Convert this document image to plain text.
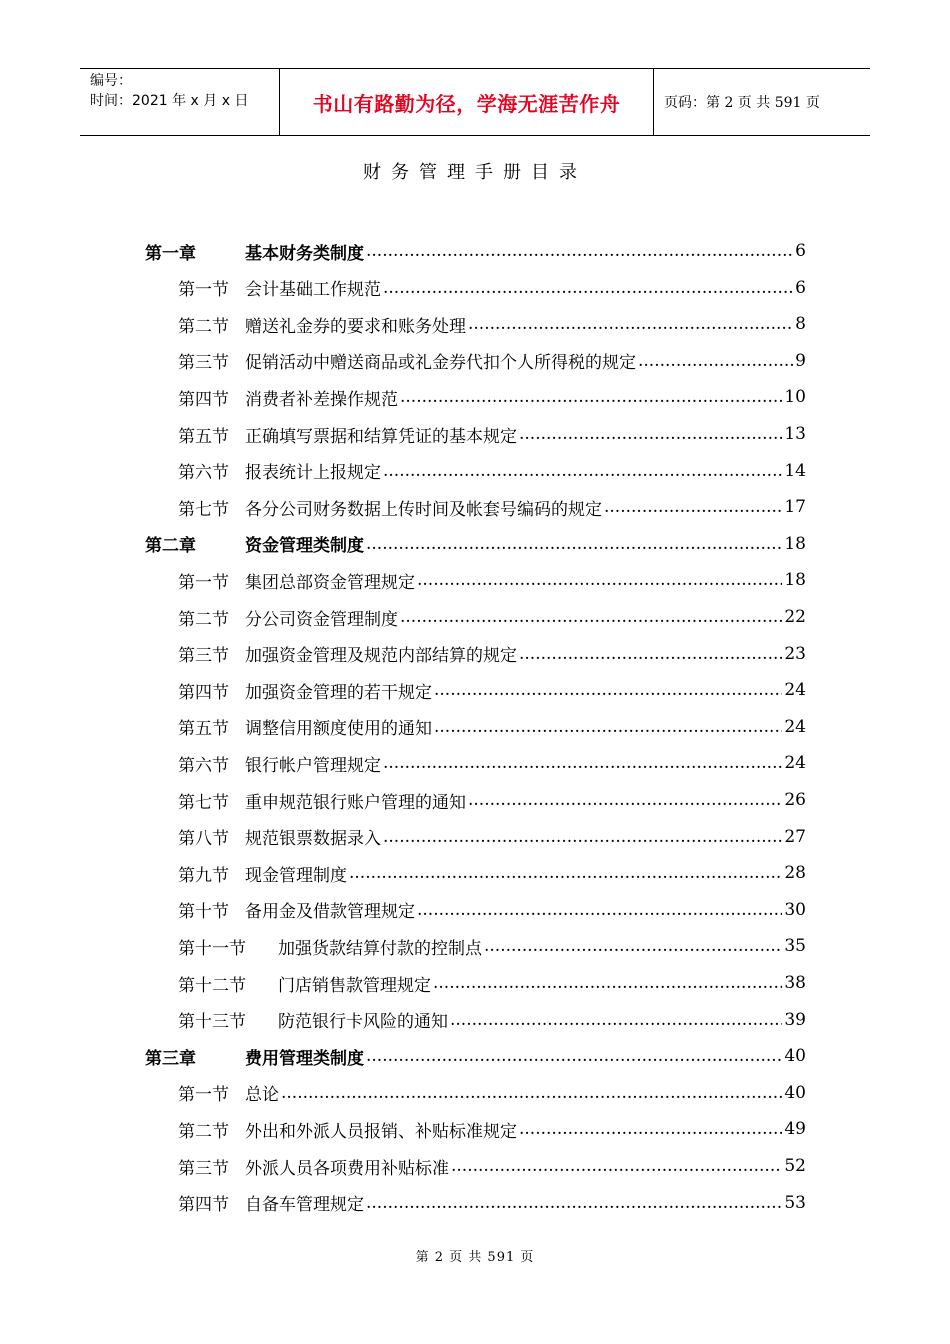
编号：
时间：2021 年 x 月 x 日	书山有路勤为径，学海无涯苦作舟	页码：第 2 页 共 591 页
财务管理手册目录
第一章	基本财务类制度 .....	6
第一节 会计基础工作规范 .....	6
第二节 赠送礼金券的要求和账务处理 .....	8
第三节 促销活动中赠送商品或礼金券代扣个人所得税的规定 .....	9
第四节 消费者补差操作规范 .....	10
第五节 正确填写票据和结算凭证的基本规定 .....	13
第六节 报表统计上报规定 .....	14
第七节 各分公司财务数据上传时间及帐套号编码的规定 .....	17
第二章	资金管理类制度 .....	18
第一节 集团总部资金管理规定 .....	18
第二节 分公司资金管理制度 .....	22
第三节 加强资金管理及规范内部结算的规定 .....	23
第四节 加强资金管理的若干规定 .....	24
第五节 调整信用额度使用的通知 .....	24
第六节 银行帐户管理规定 .....	24
第七节 重申规范银行账户管理的通知 .....	26
第八节 规范银票数据录入 .....	27
第九节 现金管理制度 .....	28
第十节 备用金及借款管理规定 .....	30
第十一节	加强货款结算付款的控制点 .....	35
第十二节	门店销售款管理规定 .....	38
第十三节	防范银行卡风险的通知 .....	39
第三章	费用管理类制度 .....	40
第一节 总论 .....	40
第二节 外出和外派人员报销、补贴标准规定 .....	49
第三节 外派人员各项费用补贴标准 .....	52
第四节 自备车管理规定 .....	53
第 2 页 共 591 页
